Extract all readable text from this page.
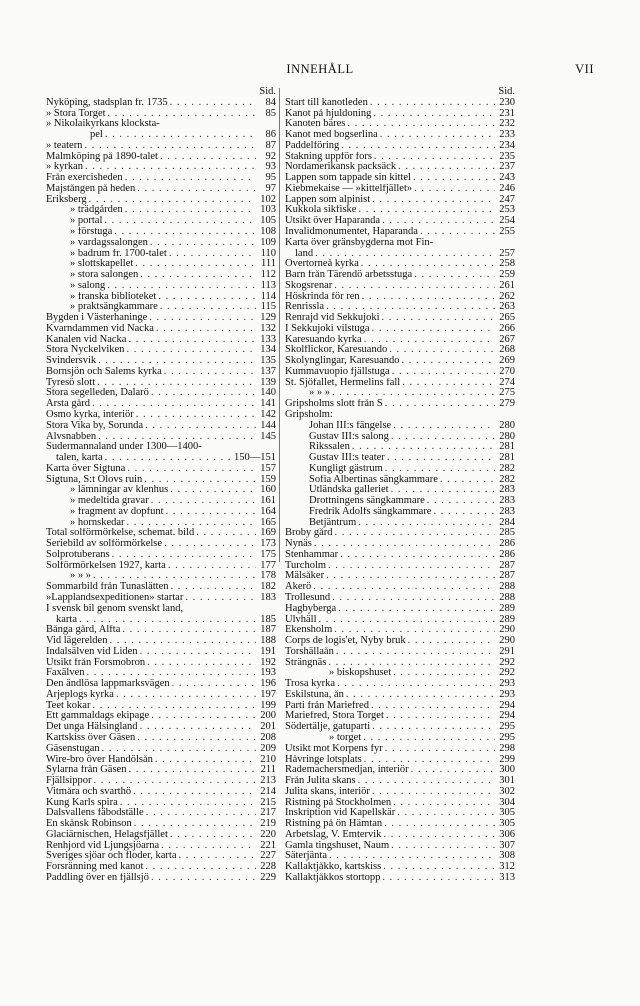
INNEHÅLL	VII
Sid.
Nyköping, stadsplan fr. 1735 . . .	84
» Stora Torget . . .	85
» Nikolaikyrkans klocksta-
pel . . .	86
» teatern . . .	87
Malmköping på 1890-talet . . .	92
» kyrkan . . .	93
Från exercisheden . . .	95
Majstången på heden . . .	97
Eriksberg . . .	102
» trädgården . . .	103
» portal . . .	105
» förstuga . . .	108
» vardagssalongen . . .	109
» badrum fr. 1700-talet . . .	110
» slottskapellet . . .	111
» stora salongen . . .	112
» salong . . .	113
» franska biblioteket . . .	114
» praktsängkammare . . .	115
Bygden i Västerhaninge . . .	129
Kvarndammen vid Nacka . . .	132
Kanalen vid Nacka . . .	133
Stora Nyckelviken . . .	134
Svindersvik . . .	135
Bornsjön och Salems kyrka . . .	137
Tyresö slott . . .	139
Stora segelleden, Dalarö . . .	140
Årsta gård . . .	141
Ösmo kyrka, interiör . . .	142
Stora Vika by, Sorunda . . .	144
Älvsnabben . . .	145
Sudermannaland under 1300—1400-
talen, karta . . .	150—151
Karta över Sigtuna . . .	157
Sigtuna, S:t Olovs ruin . . .	159
» lämningar av klenhus . . .	160
» medeltida gravar . . .	161
» fragment av dopfunt . . .	164
» hornskedar . . .	165
Total solförmörkelse, schemat. bild . . .	169
Seriebild av solförmörkelse . . .	173
Solprotuberans . . .	175
Solförmörkelsen 1927, karta . . .	177
» » » . . .	178
Sommarbild från Tunaslätten . . .	182
»Lapplandsexpeditionen» startar . . .	183
I svensk bil genom svenskt land,
karta . . .	185
Bånga gård, Alfta . . .	187
Vid lägerelden . . .	188
Indalsälven vid Liden . . .	191
Utsikt från Forsmobron . . .	192
Faxälven . . .	193
Den ändlösa lappmarksvägen . . .	196
Arjeplogs kyrka . . .	197
Teet kokar . . .	199
Ett gammaldags ekipage . . .	200
Det unga Hälsingland . . .	201
Kartskiss över Gäsen . . .	208
Gäsenstugan . . .	209
Wire-bro över Handölsån . . .	210
Sylarna från Gäsen . . .	211
Fjällsippor . . .	213
Vitmåra och svarthö . . .	214
Kung Karls spira . . .	215
Dalsvallens fäbodställe . . .	217
En skånsk Robinson . . .	219
Glaciärnischen, Helagsfjället . . .	220
Renhjord vid Ljungsjöarna . . .	221
Sveriges sjöar och floder, karta . . .	227
Forsränning med kanot . . .	228
Paddling över en fjällsjö . . .	229
Sid.
Start till kanotleden . . .	230
Kanot på hjuldoning . . .	231
Kanoten bäres . . .	232
Kanot med bogserlina . . .	233
Paddelföring . . .	234
Stakning uppför fors . . .	235
Nordamerikansk packsäck . . .	237
Lappen som tappade sin kittel . . .	243
Kiebmekaise — »kittelfjället» . . .	246
Lappen som alpinist . . .	247
Kukkola sikfiske . . .	253
Utsikt över Haparanda . . .	254
Invalidmonumentet, Haparanda . . .	255
Karta över gränsbygderna mot Fin-
land . . .	257
Övertorneå kyrka . . .	258
Barn från Tärendö arbetsstuga . . .	259
Skogsrenar . . .	261
Höskrinda för ren . . .	262
Renrissla . . .	263
Renrajd vid Sekkujoki . . .	265
I Sekkujoki vilstuga . . .	266
Karesuando kyrka . . .	267
Skolflickor, Karesuando . . .	268
Skolynglingar, Karesuando . . .	269
Kummavuopio fjällstuga . . .	270
St. Sjöfallet, Hermelins fall . . .	274
» » » . . .	275
Gripsholms slott från S . . .	279
Gripsholm:
Johan III:s fängelse . . .	280
Gustav III:s salong . . .	280
Rikssalen . . .	281
Gustav III:s teater . . .	281
Kungligt gästrum . . .	282
Sofia Albertinas sängkammare . . .	282
Utländska galleriet . . .	283
Drottningens sängkammare . . .	283
Fredrik Adolfs sängkammare . . .	283
Betjäntrum . . .	284
Broby gård . . .	285
Nynäs . . .	286
Stenhammar . . .	286
Turcholm . . .	287
Mälsåker . . .	287
Åkerö . . .	288
Trollesund . . .	288
Hagbyberga . . .	289
Ulvhäll . . .	289
Ekensholm . . .	290
Corps de logis'et, Nyby bruk . . .	290
Torshällaån . . .	291
Strängnäs . . .	292
» biskopshuset . . .	292
Trosa kyrka . . .	293
Eskilstuna, ån . . .	293
Parti från Mariefred . . .	294
Mariefred, Stora Torget . . .	294
Södertälje, gatuparti . . .	295
» torget . . .	295
Utsikt mot Korpens fyr . . .	298
Håvringe lotsplats . . .	299
Rademachersmedjan, interiör . . .	300
Från Julita skans . . .	301
Julita skans, interiör . . .	302
Ristning på Stockholmen . . .	304
Inskription vid Kapellskär . . .	305
Ristning på ön Hämtan . . .	305
Arbetslag, V. Emtervik . . .	306
Gamla tingshuset, Naum . . .	307
Säterjänta . . .	308
Kallaktjåkko, kartskiss . . .	312
Kallaktjåkkos stortopp . . .	313
